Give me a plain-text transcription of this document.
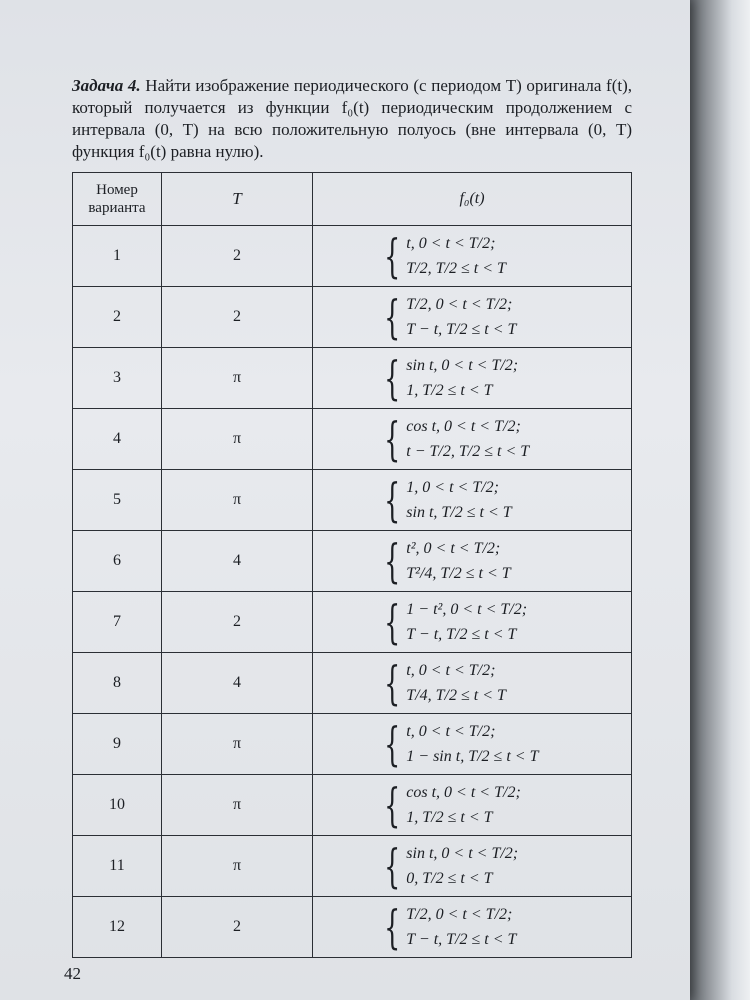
Задача 4. Найти изображение периодического (с периодом T) оригинала f(t), который получается из функции f₀(t) периодическим продолжением с интервала (0, T) на всю положительную полуось (вне интервала (0, T) функция f₀(t) равна нулю).

Номер варианта	T	f₀(t)
1	2	{ t, 0 < t < T/2;
T/2, T/2 ≤ t < T

2	2	{ T/2, 0 < t < T/2;
T − t, T/2 ≤ t < T

3	π	{ sin t, 0 < t < T/2;
1, T/2 ≤ t < T

4	π	{ cos t, 0 < t < T/2;
t − T/2, T/2 ≤ t < T

5	π	{ 1, 0 < t < T/2;
sin t, T/2 ≤ t < T

6	4	{ t², 0 < t < T/2;
T²/4, T/2 ≤ t < T

7	2	{ 1 − t², 0 < t < T/2;
T − t, T/2 ≤ t < T

8	4	{ t, 0 < t < T/2;
T/4, T/2 ≤ t < T

9	π	{ t, 0 < t < T/2;
1 − sin t, T/2 ≤ t < T

10	π	{ cos t, 0 < t < T/2;
1, T/2 ≤ t < T

11	π	{ sin t, 0 < t < T/2;
0, T/2 ≤ t < T

12	2	{ T/2, 0 < t < T/2;
T − t, T/2 ≤ t < T
42
